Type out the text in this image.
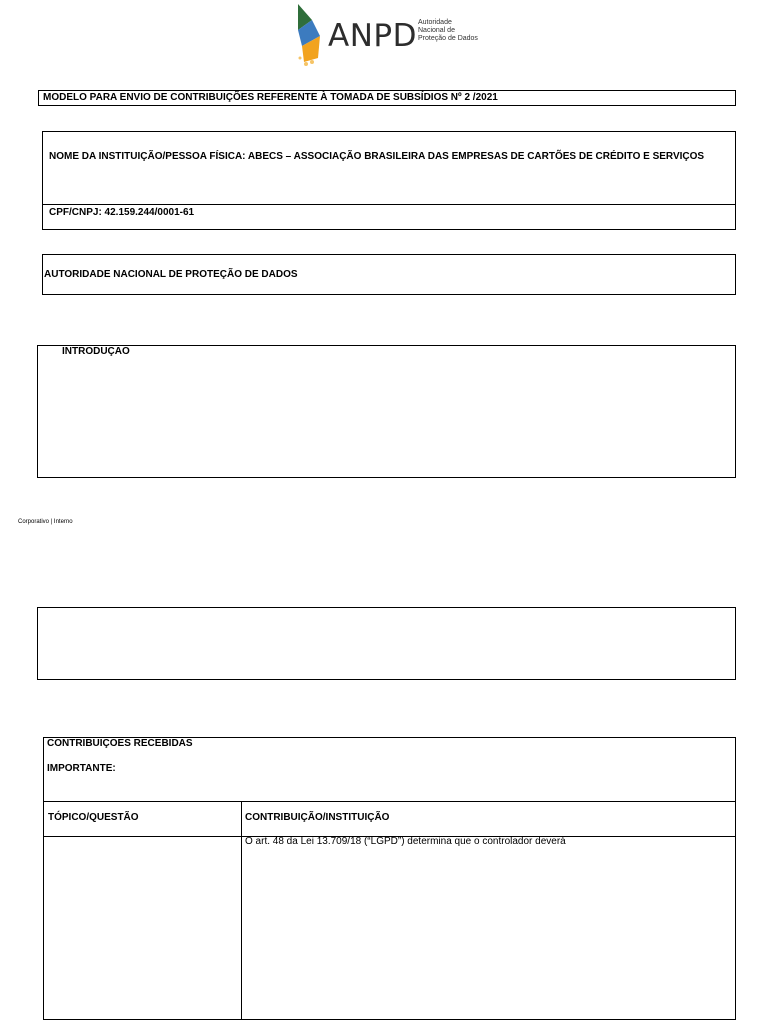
ANPD Autoridade
Nacional de
Proteção de Dados
MODELO PARA ENVIO DE CONTRIBUIÇÕES REFERENTE À TOMADA DE SUBSÍDIOS Nº 2 /2021
NOME DA INSTITUIÇÃO/PESSOA FÍSICA: ABECS – ASSOCIAÇÃO BRASILEIRA DAS EMPRESAS DE CARTÕES DE CRÉDITO E SERVIÇOS
CPF/CNPJ: 42.159.244/0001-61
AUTORIDADE NACIONAL DE PROTEÇÃO DE DADOS
INTRODUÇAO
Corporativo | Interno
CONTRIBUIÇOES RECEBIDAS
IMPORTANTE:
TÓPICO/QUESTÃO	CONTRIBUIÇÃO/INSTITUIÇÃO
O art. 48 da Lei 13.709/18 (“LGPD”) determina que o controlador deverá
